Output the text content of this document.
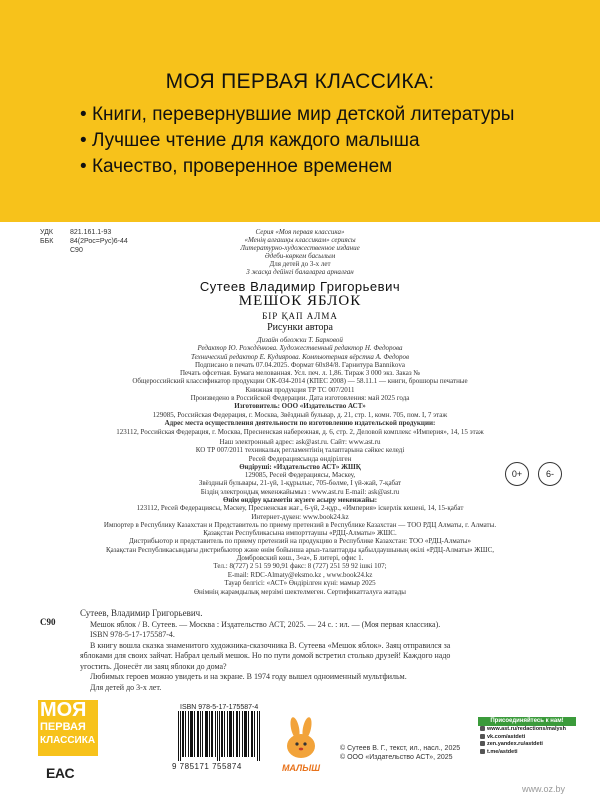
МОЯ ПЕРВАЯ КЛАССИКА:
• Книги, перевернувшие мир детской литературы
• Лучшее чтение для каждого малыша
• Качество, проверенное временем
УДК 821.161.1-93
ББК 84(2Рос=Рус)6-44
С90
Серия «Моя первая классика»
«Менің алғашқы классикам» сериясы
Литературно-художественное издание
Әдеби-көркем басылым
Для детей до 3-х лет
3 жасқа дейінгі балаларға арналған
Сутеев Владимир Григорьевич
МЕШОК ЯБЛОК
БІР ҚАП АЛМА
Рисунки автора
Дизайн обложки Т. Барковой
Редактор Ю. Рождёнкова. Художественный редактор Н. Федорова
Технический редактор Е. Кудиярова. Компьютерная вёрстка А. Федоров
Подписано в печать 07.04.2025. Формат 60х84/8. Гарнитура Bannikova
Печать офсетная. Бумага мелованная. Усл. печ. л. 1,86. Тираж 3 000 экз. Заказ №
Общероссийский классификатор продукции ОК-034-2014 (КПЕС 2008) — 58.11.1 — книги, брошюры печатные
Книжная продукция ТР ТС 007/2011
Произведено в Российской Федерации. Дата изготовления: май 2025 года
Изготовитель: ООО «Издательство АСТ»
129085, Российская Федерация, г. Москва, Звёздный бульвар, д. 21, стр. 1, комн. 705, пом. I, 7 этаж
Адрес места осуществления деятельности по изготовлению издательской продукции:
123112, Российская Федерация, г. Москва, Пресненская набережная, д. 6, стр. 2, Деловой комплекс «Империя», 14, 15 этаж
Наш электронный адрес: ask@ast.ru. Сайт: www.ast.ru
КО ТР 007/2011 техникалық регламентінің талаптарына сәйкес келеді
Ресей Федерациясында өндірілген
Өндіруші: «Издательство АСТ» ЖШҚ
129085, Ресей Федерациясы, Мәскеу,
Звёздный бульвары, 21-үй, 1-құрылыс, 705-бөлме, I үй-жай, 7-қабат
Біздің электрондық мекенжайымыз : www.ast.ru E-mail: ask@ast.ru
0+	6-
Өнім өндіру қызметін жүзеге асыру мекенжайы:
123112, Ресей Федерациясы, Мәскеу, Пресненская жағ., 6-үй, 2-құр., «Империя» іскерлік кешені, 14, 15-қабат
Интернет-дүкен: www.book24.kz
Импортер в Республику Казахстан и Представитель по приему претензий в Республике Казахстан — ТОО РДЦ Алматы, г. Алматы.
Қазақстан Республикасына импорттаушы «РДЦ-Алматы» ЖШС.
Дистрибьютор и представитель по приему претензий на продукцию в Республике Казахстан: ТОО «РДЦ-Алматы»
Қазақстан Республикасындағы дистрибьютор және өнім бойынша арыз-талаптарды қабылдаушының өкілі «РДЦ-Алматы» ЖШС,
Домбровский көш., 3«а», Б литері, офис 1.
Тел.: 8(727) 2 51 59 90,91 факс: 8 (727) 251 59 92 ішкі 107;
E-mail: RDC-Almaty@eksmo.kz , www.book24.kz
Тауар белгісі: «АСТ» Өндірілген күні: мамыр 2025
Өнімнің жарамдылық мерзімі шектелмеген. Сертификатталуға жатады
С90
Сутеев, Владимир Григорьевич.
Мешок яблок / В. Сутеев. — Москва : Издательство АСТ, 2025. — 24 с. : ил. — (Моя первая классика).
ISBN 978-5-17-175587-4.
В книгу вошла сказка знаменитого художника-сказочника В. Сутеева «Мешок яблок». Заяц отправился за
яблоками для своих зайчат. Набрал целый мешок. Но по пути домой встретил столько друзей! Каждого надо
угостить. Донесёт ли заяц яблоки до дома?
Любимых героев можно увидеть и на экране. В 1974 году вышел одноименный мультфильм.
Для детей до 3-х лет.
МОЯ
ПЕРВАЯ
КЛАССИКА
EAC
ISBN 978-5-17-175587-4
9 785171 755874	МАЛЫШ
© Сутеев В. Г., текст, ил., насл., 2025
© ООО «Издательство АСТ», 2025
Присоединяйтесь к нам!
www.ast.ru/redactions/malysh
vk.com/astdeti
zen.yandex.ru/astdeti
t.me/astdeti
www.oz.by
